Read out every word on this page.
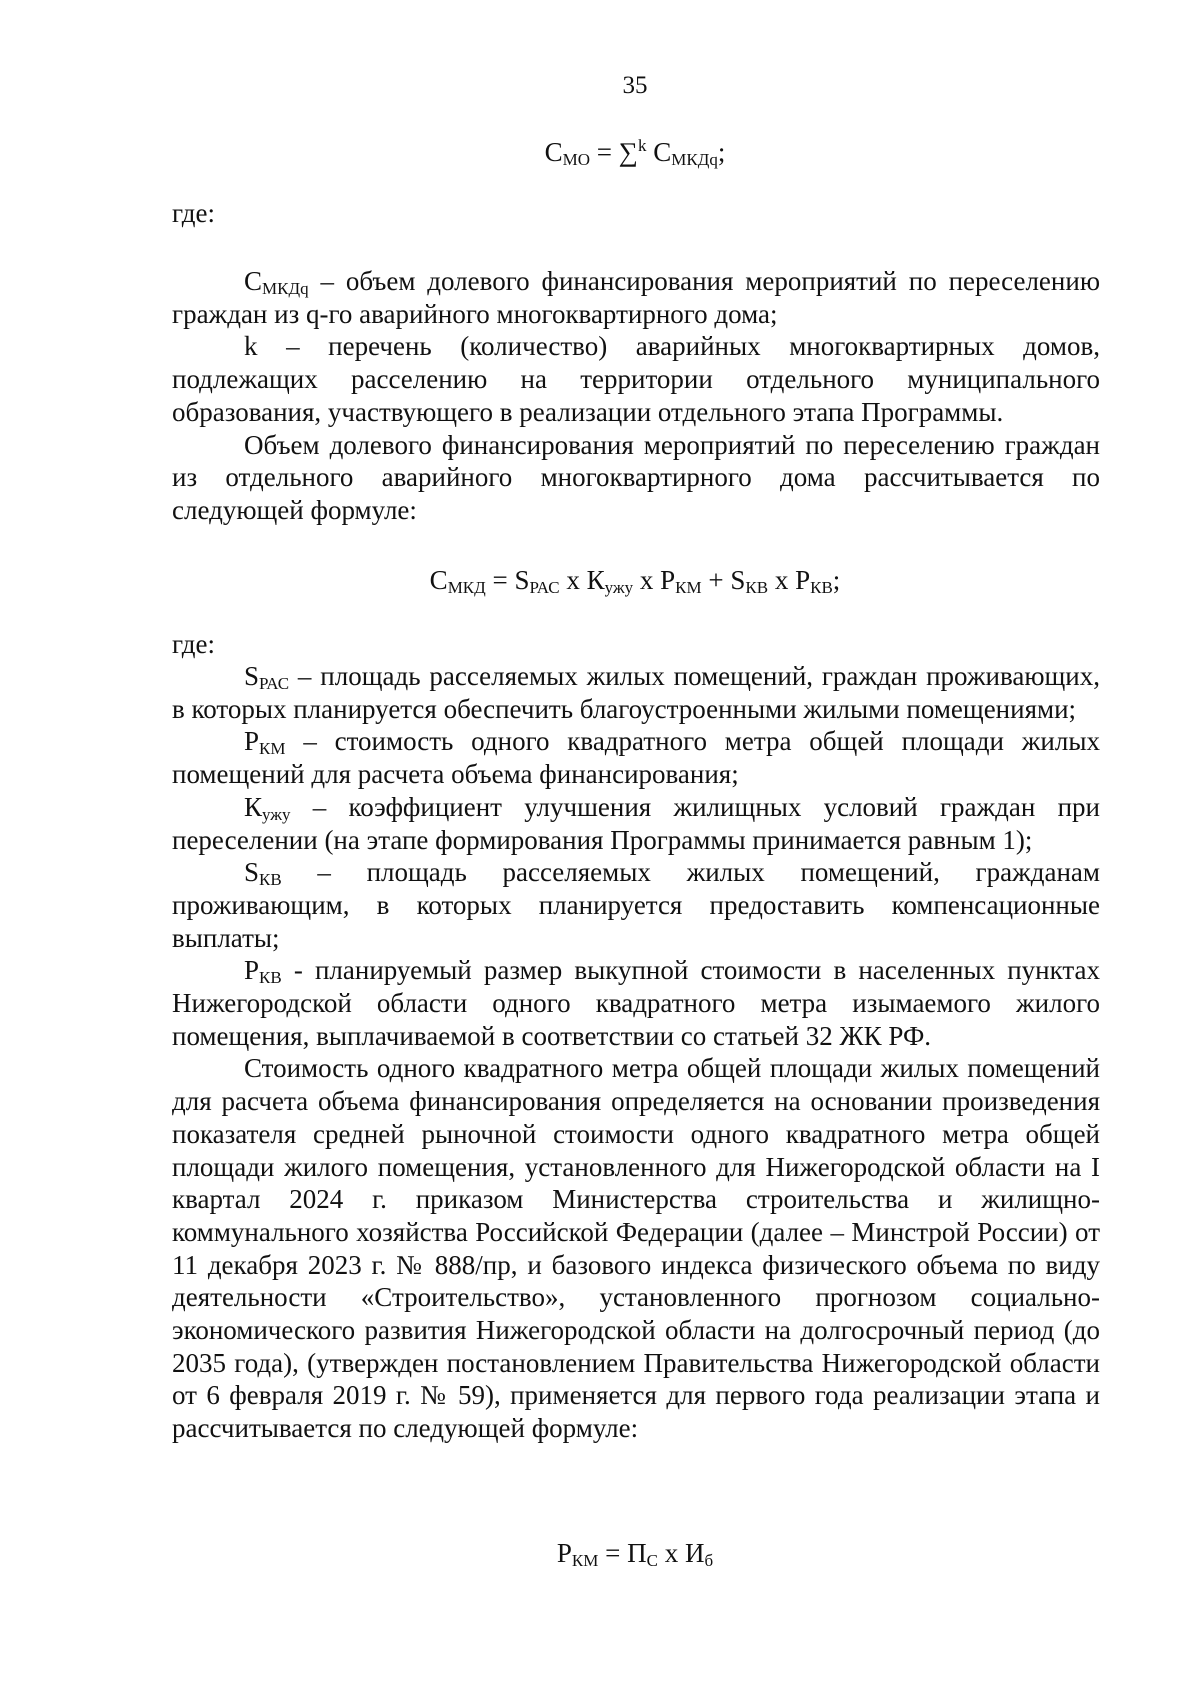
35
$С_{МО} = \sum^k$ $С_{МКДq}$;
где:

$С_{МКДq}$ – объем долевого финансирования мероприятий по переселению граждан из q-го аварийного многоквартирного дома;

k – перечень (количество) аварийных многоквартирных домов, подлежащих расселению на территории отдельного муниципального образования, участвующего в реализации отдельного этапа Программы.

Объем долевого финансирования мероприятий по переселению граждан из отдельного аварийного многоквартирного дома рассчитывается по следующей формуле:

$С_{МКД} = S_{РАС}$ x $К_{ужу}$ x $Р_{КМ} + S_{КВ}$ x $Р_{КВ}$;
где:

$S_{РАС}$ – площадь расселяемых жилых помещений, граждан проживающих, в которых планируется обеспечить благоустроенными жилыми помещениями;

$Р_{КМ}$ – стоимость одного квадратного метра общей площади жилых помещений для расчета объема финансирования;

$К_{ужу}$ – коэффициент улучшения жилищных условий граждан при переселении (на этапе формирования Программы принимается равным 1);

$S_{КВ}$ – площадь расселяемых жилых помещений, гражданам проживающим, в которых планируется предоставить компенсационные выплаты;

$Р_{КВ}$ - планируемый размер выкупной стоимости в населенных пунктах Нижегородской области одного квадратного метра изымаемого жилого помещения, выплачиваемой в соответствии со статьей 32 ЖК РФ.

Стоимость одного квадратного метра общей площади жилых помещений для расчета объема финансирования определяется на основании произведения показателя средней рыночной стоимости одного квадратного метра общей площади жилого помещения, установленного для Нижегородской области на I квартал 2024 г. приказом Министерства строительства и жилищно-коммунального хозяйства Российской Федерации (далее – Минстрой России) от 11 декабря 2023 г. № 888/пр, и базового индекса физического объема по виду деятельности «Строительство», установленного прогнозом социально-экономического развития Нижегородской области на долгосрочный период (до 2035 года), (утвержден постановлением Правительства Нижегородской области от 6 февраля 2019 г. № 59), применяется для первого года реализации этапа и рассчитывается по следующей формуле:

$Р_{КМ} = П_С$ x $И_б$
